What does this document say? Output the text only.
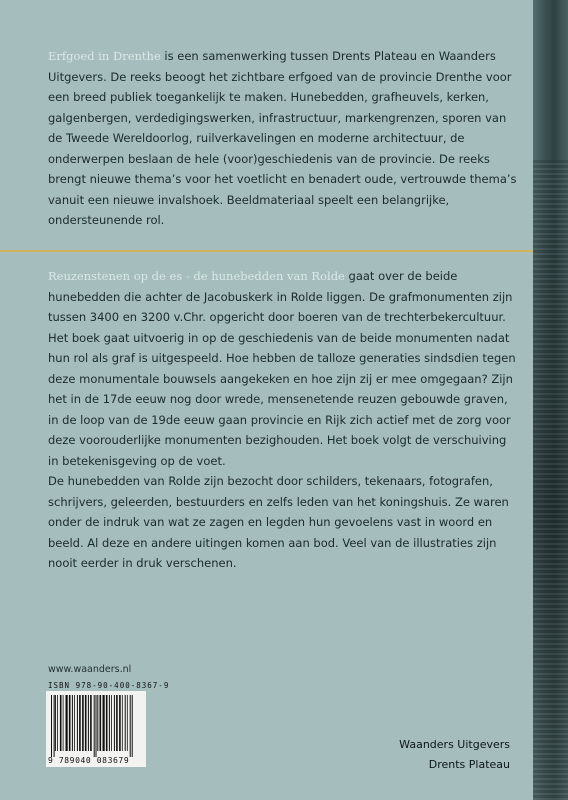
Erfgoed in Drenthe is een samenwerking tussen Drents Plateau en Waanders Uitgevers. De reeks beoogt het zichtbare erfgoed van de provincie Drenthe voor een breed publiek toegankelijk te maken. Hunebedden, grafheuvels, kerken, galgenbergen, verdedigingswerken, infrastructuur, markengrenzen, sporen van de Tweede Wereldoorlog, ruilverkavelingen en moderne architectuur, de onderwerpen beslaan de hele (voor)geschiedenis van de provincie. De reeks brengt nieuwe thema’s voor het voetlicht en benadert oude, vertrouwde thema’s vanuit een nieuwe invalshoek. Beeldmateriaal speelt een belangrijke, ondersteunende rol.
Reuzenstenen op de es - de hunebedden van Rolde gaat over de beide hunebedden die achter de Jacobuskerk in Rolde liggen. De grafmonumenten zijn tussen 3400 en 3200 v.Chr. opgericht door boeren van de trechterbekercultuur. Het boek gaat uitvoerig in op de geschiedenis van de beide monumenten nadat hun rol als graf is uitgespeeld. Hoe hebben de talloze generaties sindsdien tegen deze monumentale bouwsels aangekeken en hoe zijn zij er mee omgegaan? Zijn het in de 17de eeuw nog door wrede, mensenetende reuzen gebouwde graven, in de loop van de 19de eeuw gaan provincie en Rijk zich actief met de zorg voor deze voorouderlijke monumenten bezighouden. Het boek volgt de verschuiving in betekenisgeving op de voet.
De hunebedden van Rolde zijn bezocht door schilders, tekenaars, fotografen, schrijvers, geleerden, bestuurders en zelfs leden van het koningshuis. Ze waren onder de indruk van wat ze zagen en legden hun gevoelens vast in woord en beeld. Al deze en andere uitingen komen aan bod. Veel van de illustraties zijn nooit eerder in druk verschenen.
www.waanders.nl
ISBN 978-90-400-8367-9
9 789040 083679
Waanders Uitgevers
Drents Plateau
